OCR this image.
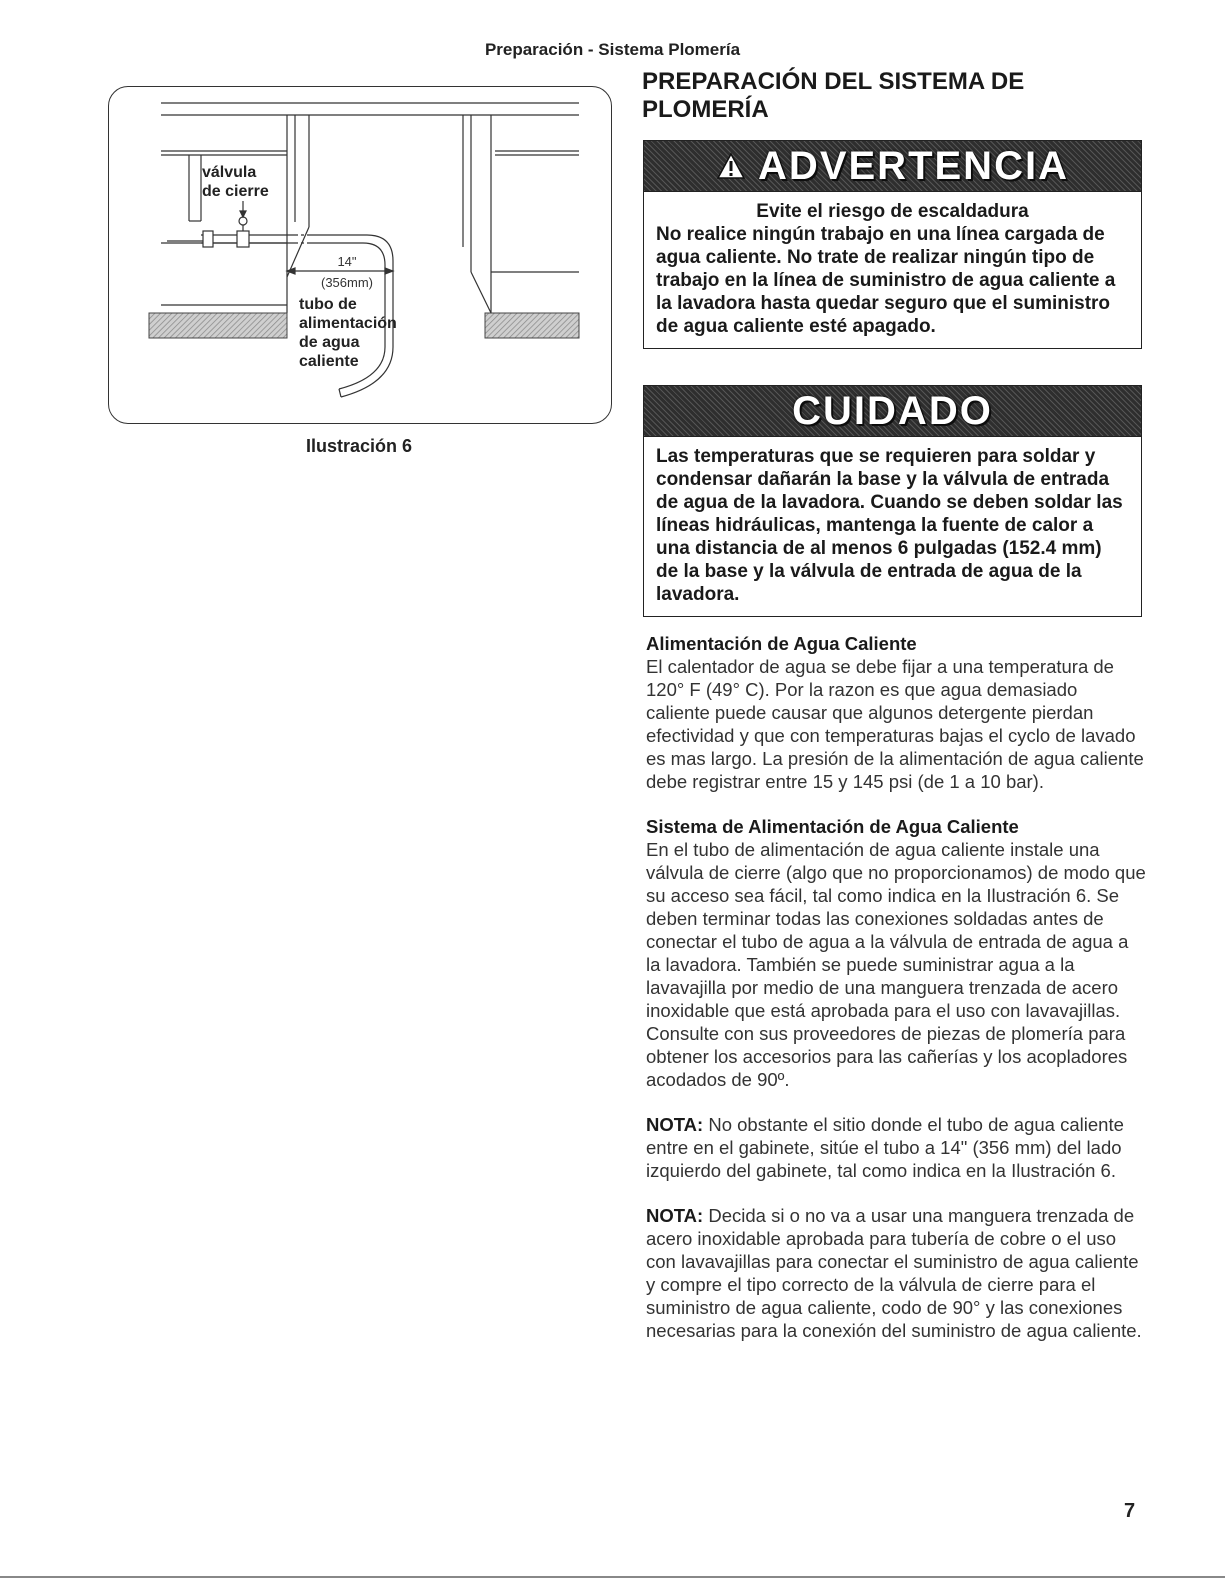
Preparación - Sistema Plomería
válvula
de cierre
14"
(356mm)
tubo de
alimentación
de agua
caliente
Ilustración 6
PREPARACIÓN DEL SISTEMA DE PLOMERÍA
ADVERTENCIA
Evite el riesgo de escaldadura
No realice ningún trabajo en una línea cargada de agua caliente. No trate de realizar ningún tipo de trabajo en la línea de suministro de agua caliente a la lavadora hasta quedar seguro que el suministro de agua caliente esté apagado.
CUIDADO
Las temperaturas que se requieren para soldar y condensar dañarán la base y la válvula de entrada de agua de la lavadora. Cuando se deben soldar las líneas hidráulicas, mantenga la fuente de calor a una distancia de al menos 6 pulgadas (152.4 mm) de la base y la válvula de entrada de agua de la lavadora.
Alimentación de Agua Caliente

El calentador de agua se debe fijar a una temperatura de 120° F (49° C). Por la razon es que agua demasiado caliente puede causar que algunos detergente pierdan efectividad y que con temperaturas bajas el cyclo de lavado es mas largo. La presión de la alimentación de agua caliente debe registrar entre 15 y 145 psi (de 1 a 10 bar).

Sistema de Alimentación de Agua Caliente

En el tubo de alimentación de agua caliente instale una válvula de cierre (algo que no proporcionamos) de modo que su acceso sea fácil, tal como indica en la Ilustración 6. Se deben terminar todas las conexiones soldadas antes de conectar el tubo de agua a la válvula de entrada de agua a la lavadora. También se puede suministrar agua a la lavavajilla por medio de una manguera trenzada de acero inoxidable que está aprobada para el uso con lavavajillas. Consulte con sus proveedores de piezas de plomería para obtener los accesorios para las cañerías y los acopladores acodados de 90º.

NOTA: No obstante el sitio donde el tubo de agua caliente entre en el gabinete, sitúe el tubo a 14" (356 mm) del lado izquierdo del gabinete, tal como indica en la Ilustración 6.

NOTA: Decida si o no va a usar una manguera trenzada de acero inoxidable aprobada para tubería de cobre o el uso con lavavajillas para conectar el suministro de agua caliente y compre el tipo correcto de la válvula de cierre para el suministro de agua caliente, codo de 90° y las conexiones necesarias para la conexión del suministro de agua caliente.

7
